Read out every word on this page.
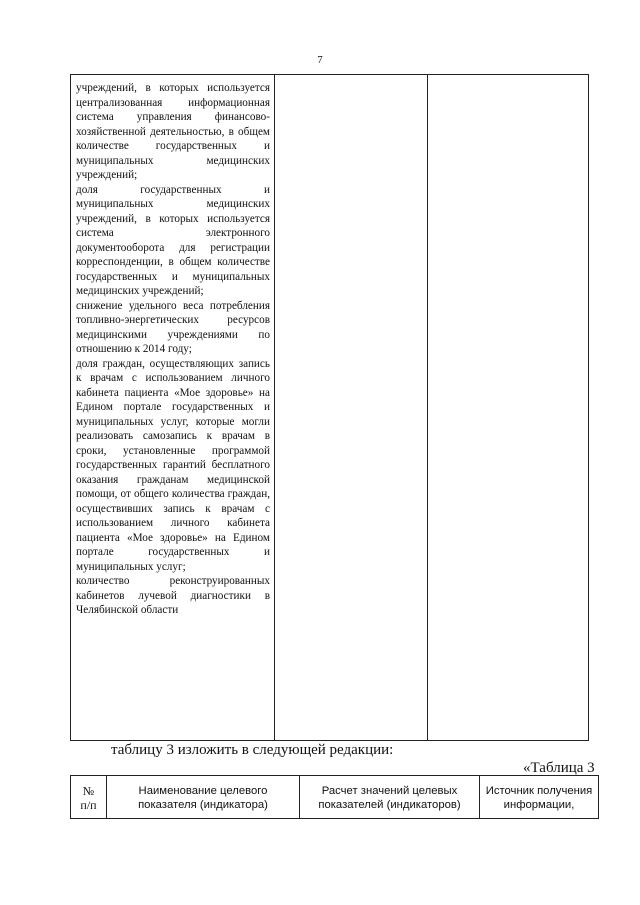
7

учреждений, в которых используется централизованная информационная система управления финансово-хозяйственной деятельностью, в общем количестве государственных и муниципальных медицинских учреждений;

доля государственных и муниципальных медицинских учреждений, в которых используется система электронного документооборота для регистрации корреспонденции, в общем количестве государственных и муниципальных медицинских учреждений;

снижение удельного веса потребления топливно-энергетических ресурсов медицинскими учреждениями по отношению к 2014 году;

доля граждан, осуществляющих запись к врачам с использованием личного кабинета пациента «Мое здоровье» на Едином портале государственных и муниципальных услуг, которые могли реализовать самозапись к врачам в сроки, установленные программой государственных гарантий бесплатного оказания гражданам медицинской помощи, от общего количества граждан, осуществивших запись к врачам с использованием личного кабинета пациента «Мое здоровье» на Едином портале государственных и муниципальных услуг;

количество реконструированных кабинетов лучевой диагностики в Челябинской области

таблицу 3 изложить в следующей редакции:
«Таблица 3
№
п/п
Наименование целевого
показателя (индикатора)
Расчет значений целевых
показателей (индикаторов)
Источник получения
информации,
